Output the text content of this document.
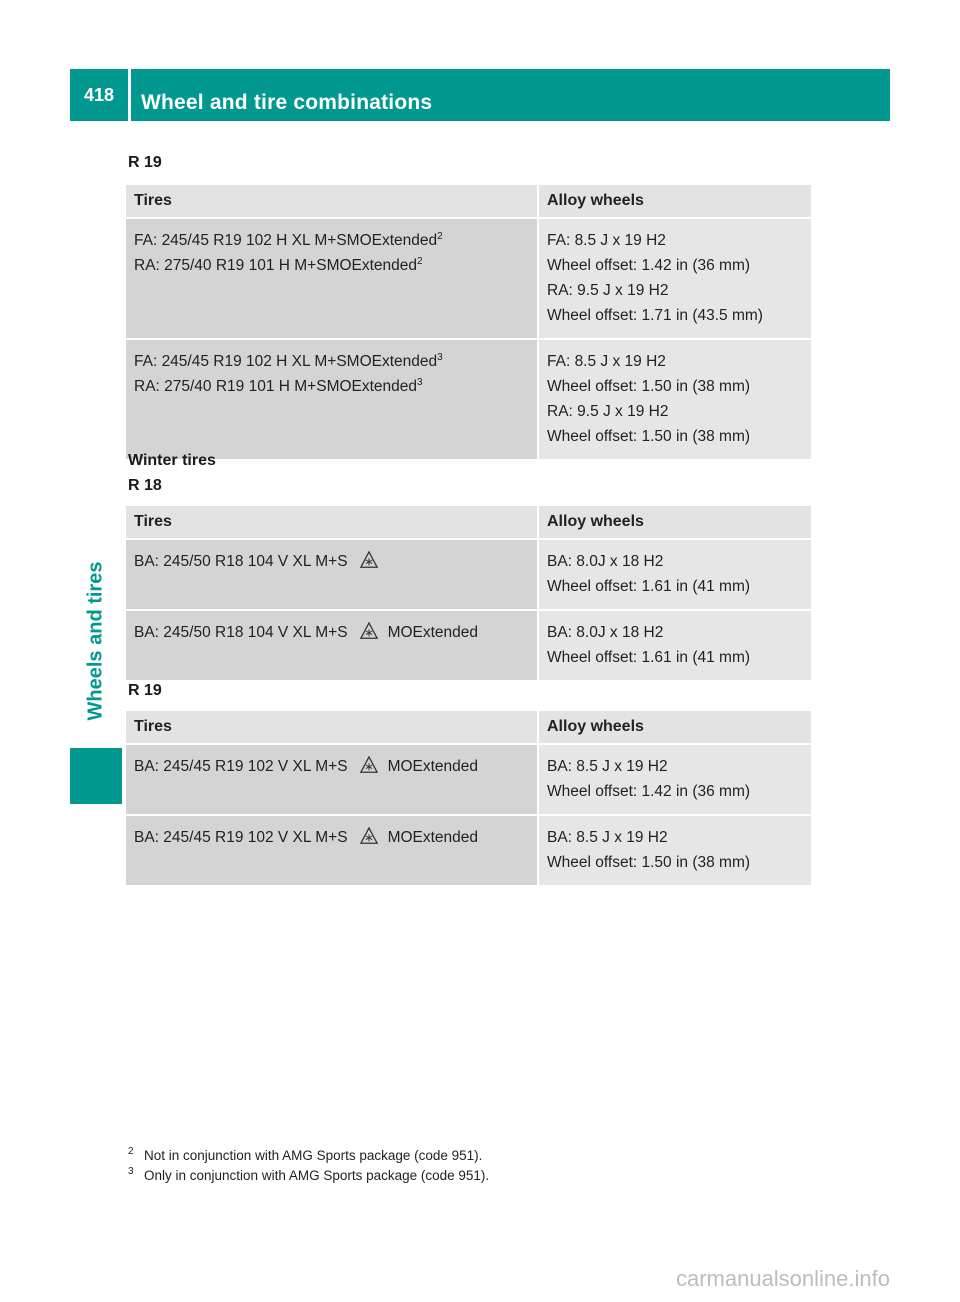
418	Wheel and tire combinations
Wheels and tires
R 19
Tires	Alloy wheels

FA: 245/45 R19 102 H XL M+SMOExtended$^2$
RA: 275/40 R19 101 H M+SMOExtended$^2$	FA: 8.5 J x 19 H2
Wheel offset: 1.42 in (36 mm)
RA: 9.5 J x 19 H2
Wheel offset: 1.71 in (43.5 mm)

FA: 245/45 R19 102 H XL M+SMOExtended$^3$
RA: 275/40 R19 101 H M+SMOExtended$^3$	FA: 8.5 J x 19 H2
Wheel offset: 1.50 in (38 mm)
RA: 9.5 J x 19 H2
Wheel offset: 1.50 in (38 mm)
Winter tires
R 18
Tires	Alloy wheels

BA: 245/50 R18 104 V XL M+S	BA: 8.0J x 18 H2
Wheel offset: 1.61 in (41 mm)

BA: 245/50 R18 104 V XL M+S MOExtended	BA: 8.0J x 18 H2
Wheel offset: 1.61 in (41 mm)
R 19
Tires	Alloy wheels

BA: 245/45 R19 102 V XL M+S MOExtended	BA: 8.5 J x 19 H2
Wheel offset: 1.42 in (36 mm)

BA: 245/45 R19 102 V XL M+S MOExtended	BA: 8.5 J x 19 H2
Wheel offset: 1.50 in (38 mm)
2 Not in conjunction with AMG Sports package (code 951).
3 Only in conjunction with AMG Sports package (code 951).
carmanualsonline.info
